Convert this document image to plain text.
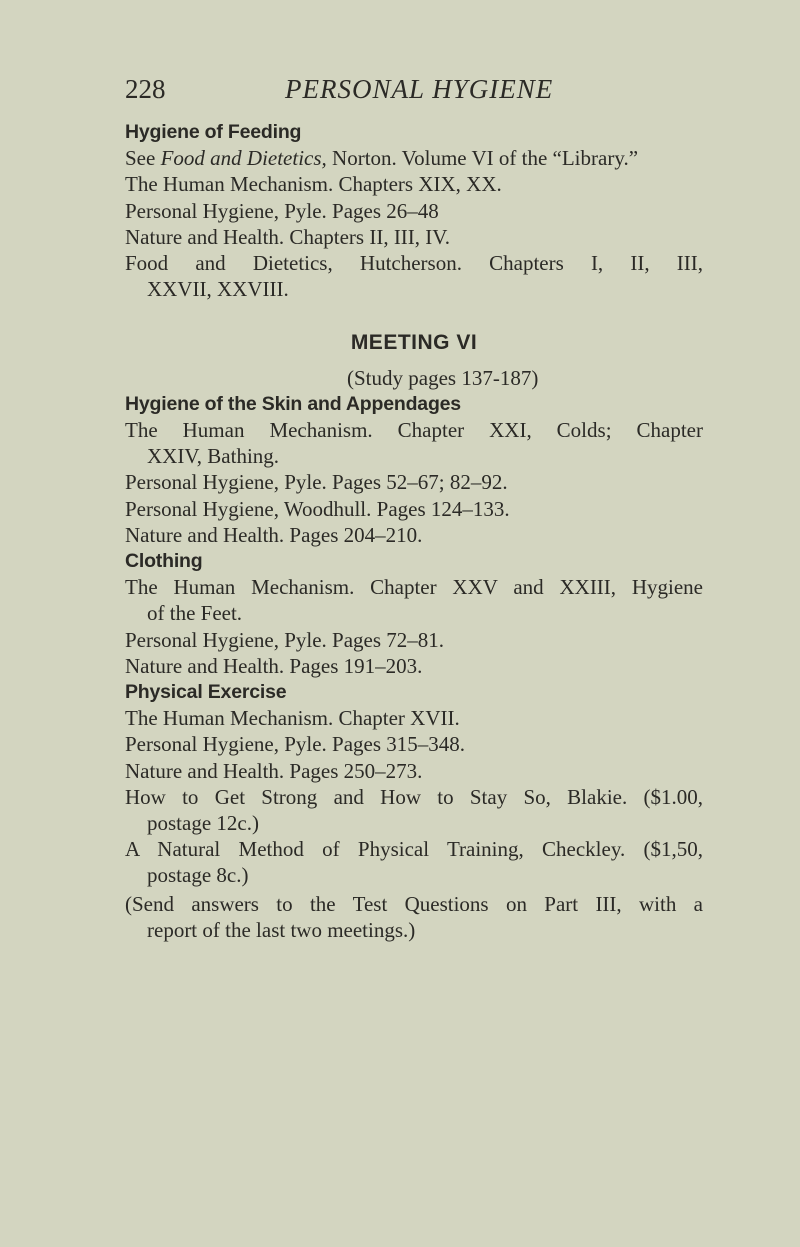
228	PERSONAL HYGIENE
Hygiene of Feeding
See Food and Dietetics, Norton. Volume VI of the “Library.”
The Human Mechanism. Chapters XIX, XX.
Personal Hygiene, Pyle. Pages 26–48
Nature and Health. Chapters II, III, IV.
Food and Dietetics, Hutcherson. Chapters I, II, III,
XXVII, XXVIII.
MEETING VI
(Study pages 137-187)
Hygiene of the Skin and Appendages
The Human Mechanism. Chapter XXI, Colds; Chapter
XXIV, Bathing.
Personal Hygiene, Pyle. Pages 52–67; 82–92.
Personal Hygiene, Woodhull. Pages 124–133.
Nature and Health. Pages 204–210.
Clothing
The Human Mechanism. Chapter XXV and XXIII, Hygiene
of the Feet.
Personal Hygiene, Pyle. Pages 72–81.
Nature and Health. Pages 191–203.
Physical Exercise
The Human Mechanism. Chapter XVII.
Personal Hygiene, Pyle. Pages 315–348.
Nature and Health. Pages 250–273.
How to Get Strong and How to Stay So, Blakie. ($1.00,
postage 12c.)
A Natural Method of Physical Training, Checkley. ($1,50,
postage 8c.)
(Send answers to the Test Questions on Part III, with a
report of the last two meetings.)
